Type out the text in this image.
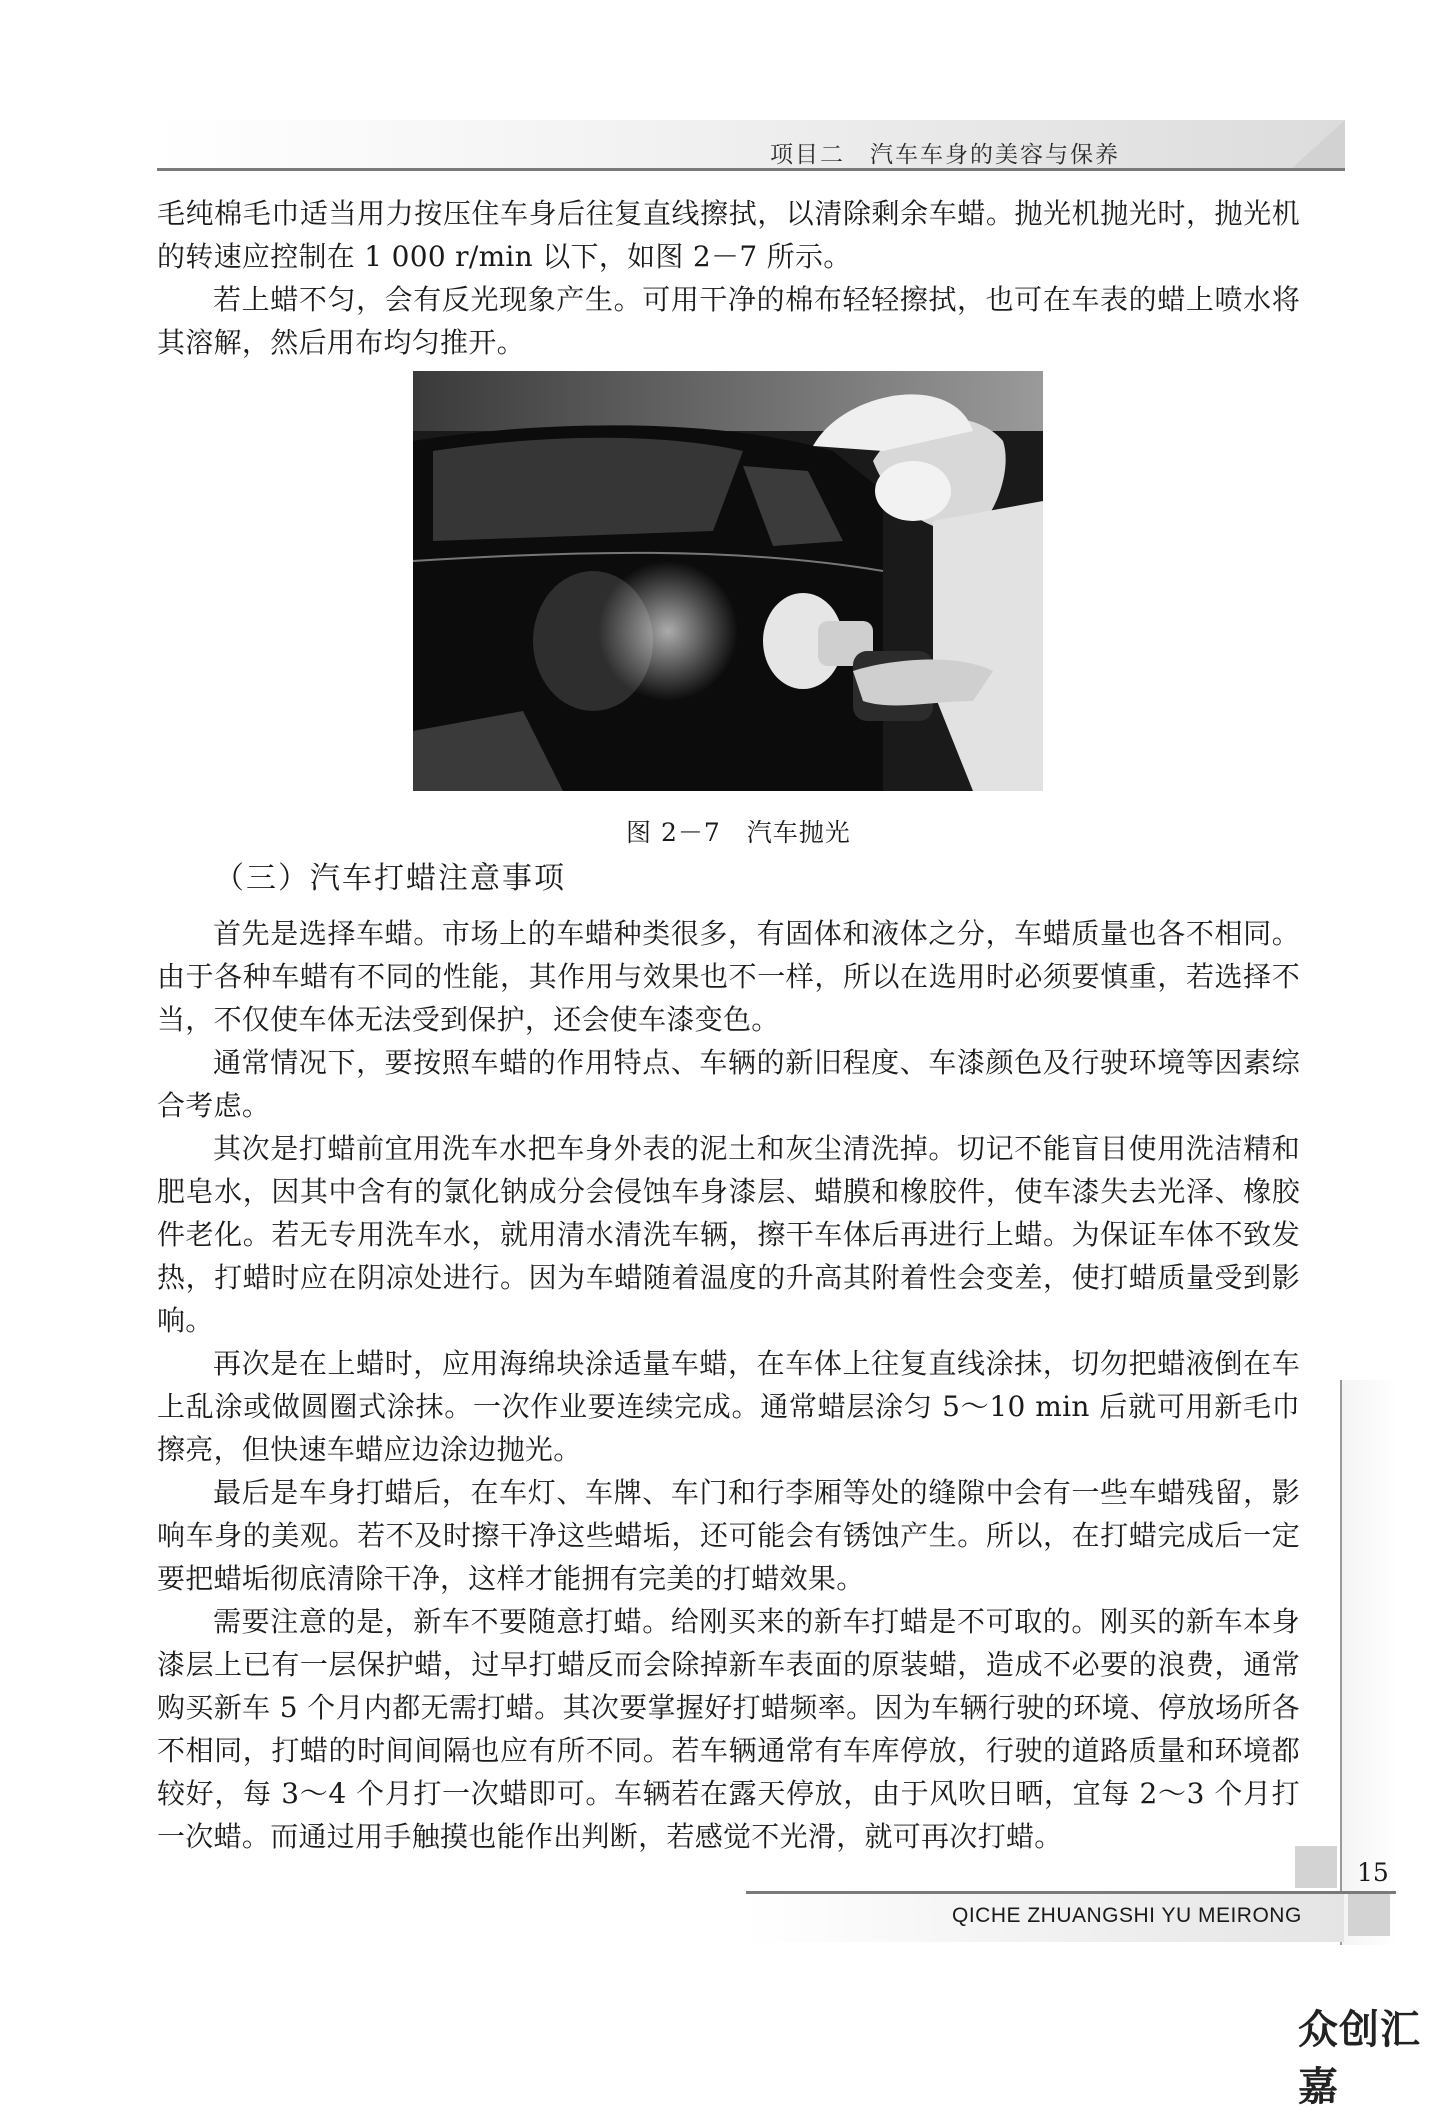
项目二　汽车车身的美容与保养

毛纯棉毛巾适当用力按压住车身后往复直线擦拭，以清除剩余车蜡。抛光机抛光时，抛光机的转速应控制在 1 000 r/min 以下，如图 2－7 所示。

若上蜡不匀，会有反光现象产生。可用干净的棉布轻轻擦拭，也可在车表的蜡上喷水将其溶解，然后用布均匀推开。

图 2－7　汽车抛光

（三）汽车打蜡注意事项

首先是选择车蜡。市场上的车蜡种类很多，有固体和液体之分，车蜡质量也各不相同。由于各种车蜡有不同的性能，其作用与效果也不一样，所以在选用时必须要慎重，若选择不当，不仅使车体无法受到保护，还会使车漆变色。

通常情况下，要按照车蜡的作用特点、车辆的新旧程度、车漆颜色及行驶环境等因素综合考虑。

其次是打蜡前宜用洗车水把车身外表的泥土和灰尘清洗掉。切记不能盲目使用洗洁精和肥皂水，因其中含有的氯化钠成分会侵蚀车身漆层、蜡膜和橡胶件，使车漆失去光泽、橡胶件老化。若无专用洗车水，就用清水清洗车辆，擦干车体后再进行上蜡。为保证车体不致发热，打蜡时应在阴凉处进行。因为车蜡随着温度的升高其附着性会变差，使打蜡质量受到影响。

再次是在上蜡时，应用海绵块涂适量车蜡，在车体上往复直线涂抹，切勿把蜡液倒在车上乱涂或做圆圈式涂抹。一次作业要连续完成。通常蜡层涂匀 5～10 min 后就可用新毛巾擦亮，但快速车蜡应边涂边抛光。

最后是车身打蜡后，在车灯、车牌、车门和行李厢等处的缝隙中会有一些车蜡残留，影响车身的美观。若不及时擦干净这些蜡垢，还可能会有锈蚀产生。所以，在打蜡完成后一定要把蜡垢彻底清除干净，这样才能拥有完美的打蜡效果。

需要注意的是，新车不要随意打蜡。给刚买来的新车打蜡是不可取的。刚买的新车本身漆层上已有一层保护蜡，过早打蜡反而会除掉新车表面的原装蜡，造成不必要的浪费，通常购买新车 5 个月内都无需打蜡。其次要掌握好打蜡频率。因为车辆行驶的环境、停放场所各不相同，打蜡的时间间隔也应有所不同。若车辆通常有车库停放，行驶的道路质量和环境都较好，每 3～4 个月打一次蜡即可。车辆若在露天停放，由于风吹日晒，宜每 2～3 个月打一次蜡。而通过用手触摸也能作出判断，若感觉不光滑，就可再次打蜡。

15
QICHE ZHUANGSHI YU MEIRONG
众创汇嘉
